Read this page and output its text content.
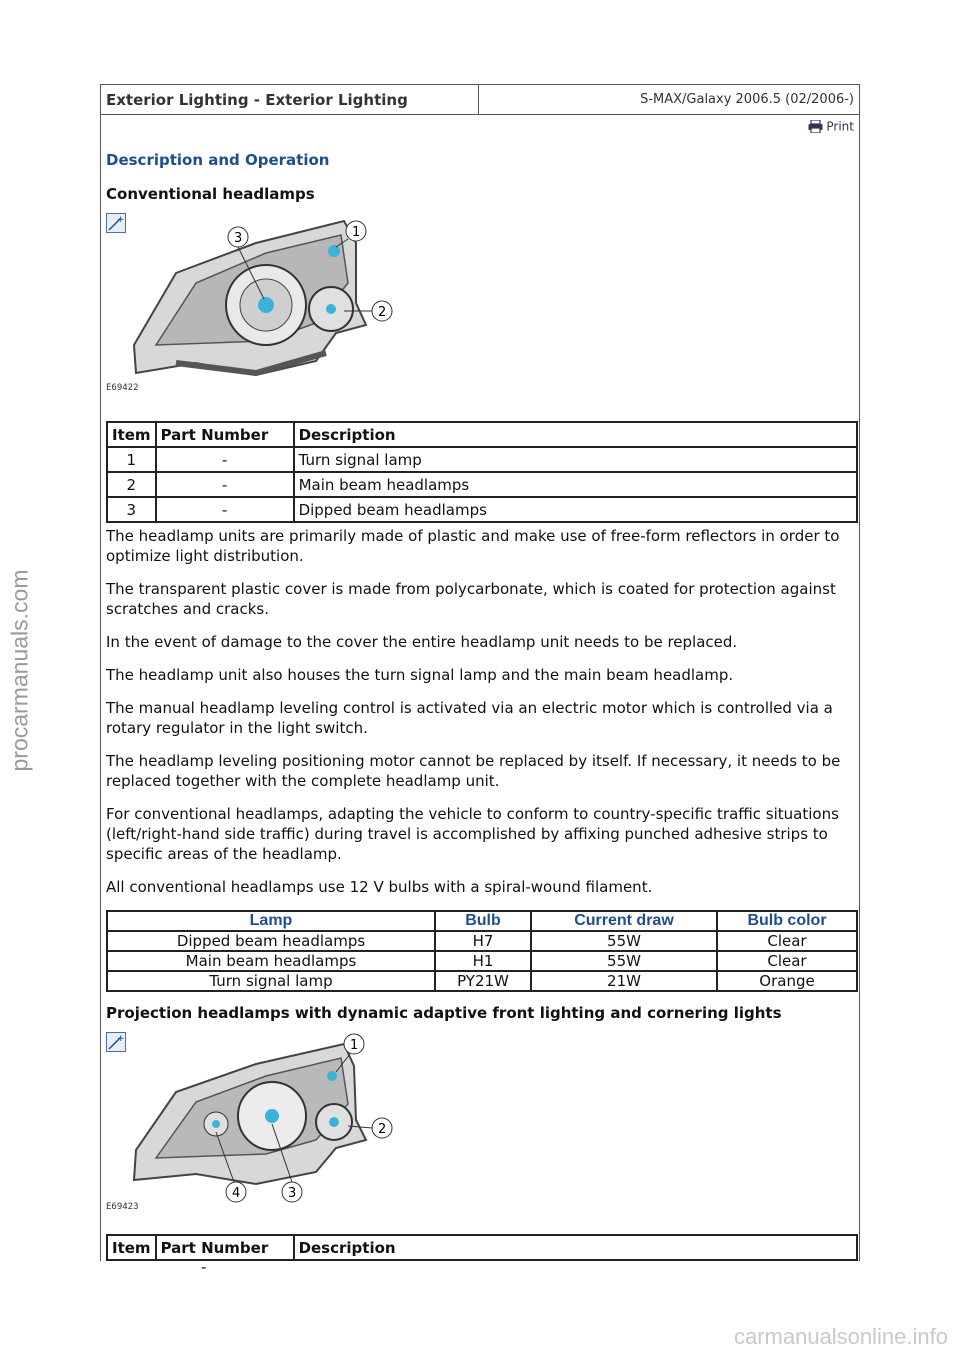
procarmanuals.com
Exterior Lighting - Exterior Lighting	S-MAX/Galaxy 2006.5 (02/2006-)
Print
Description and Operation
Conventional headlamps
+
3	1
2
E69422
Item	Part Number	Description
1	-	Turn signal lamp
2	-	Main beam headlamps
3	-	Dipped beam headlamps

The headlamp units are primarily made of plastic and make use of free-form reflectors in order to optimize light distribution.

The transparent plastic cover is made from polycarbonate, which is coated for protection against scratches and cracks.

In the event of damage to the cover the entire headlamp unit needs to be replaced.

The headlamp unit also houses the turn signal lamp and the main beam headlamp.

The manual headlamp leveling control is activated via an electric motor which is controlled via a rotary regulator in the light switch.

The headlamp leveling positioning motor cannot be replaced by itself. If necessary, it needs to be replaced together with the complete headlamp unit.

For conventional headlamps, adapting the vehicle to conform to country-specific traffic situations (left/right-hand side traffic) during travel is accomplished by affixing punched adhesive strips to specific areas of the headlamp.

All conventional headlamps use 12 V bulbs with a spiral-wound filament.

Lamp	Bulb	Current draw	Bulb color
Dipped beam headlamps	H7	55W	Clear
Main beam headlamps	H1	55W	Clear
Turn signal lamp	PY21W	21W	Orange
Projection headlamps with dynamic adaptive front lighting and cornering lights
+	1
2
3
4
E69423
Item	Part Number	Description
-
carmanualsonline.info
